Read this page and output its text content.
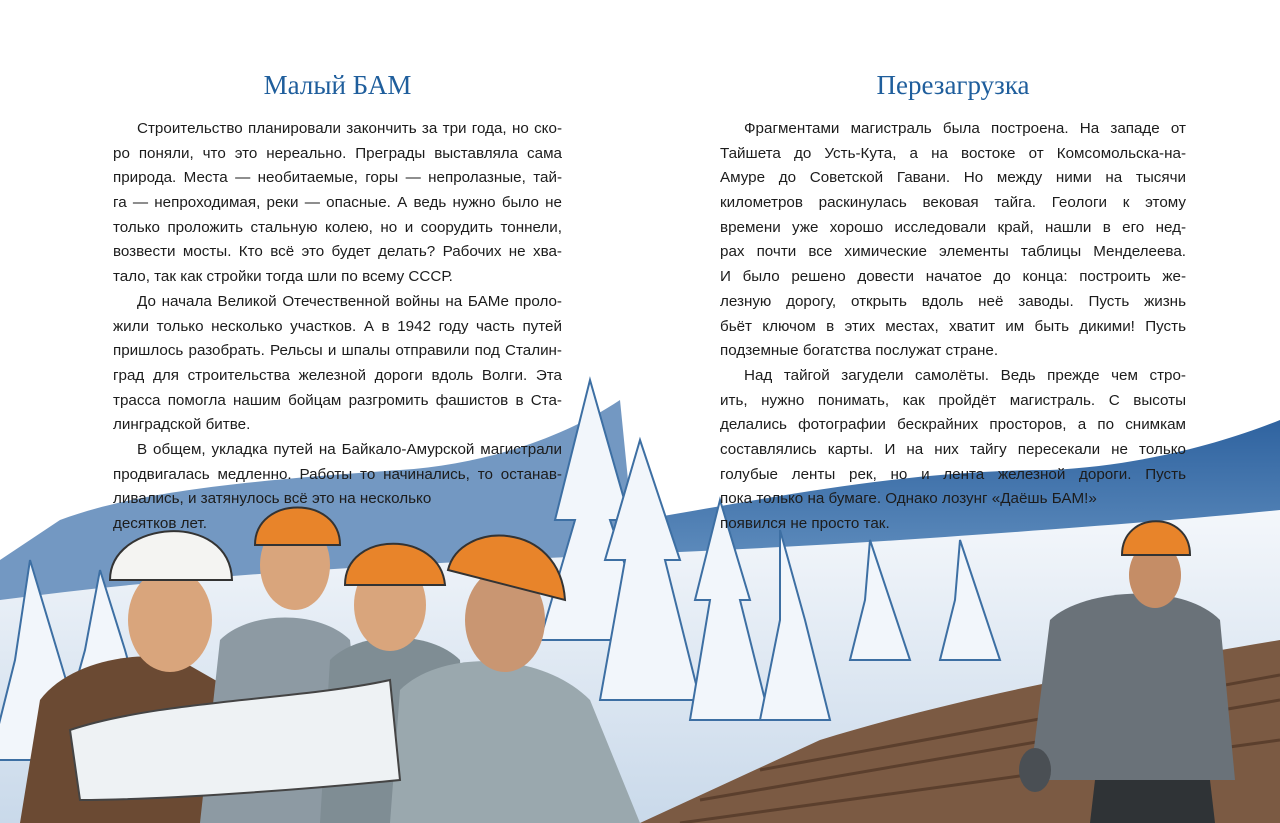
Малый БАМ
Строительство планировали закончить за три года, но ско-
ро поняли, что это нереально. Преграды выставляла сама
природа. Места — необитаемые, горы — непролазные, тай-
га — непроходимая, реки — опасные. А ведь нужно было не
только проложить стальную колею, но и соорудить тоннели,
возвести мосты. Кто всё это будет делать? Рабочих не хва-
тало, так как стройки тогда шли по всему СССР.
До начала Великой Отечественной войны на БАМе проло-
жили только несколько участков. А в 1942 году часть путей
пришлось разобрать. Рельсы и шпалы отправили под Сталин-
град для строительства железной дороги вдоль Волги. Эта
трасса помогла нашим бойцам разгромить фашистов в Ста-
линградской битве.
В общем, укладка путей на Байкало-Амурской магистрали
продвигалась медленно. Работы то начинались, то останав-
ливались, и затянулось всё это на несколько
десятков лет.
Перезагрузка
Фрагментами магистраль была построена. На западе от
Тайшета до Усть-Кута, а на востоке от Комсомольска-на-
Амуре до Советской Гавани. Но между ними на тысячи
километров раскинулась вековая тайга. Геологи к этому
времени уже хорошо исследовали край, нашли в его нед-
рах почти все химические элементы таблицы Менделеева.
И было решено довести начатое до конца: построить же-
лезную дорогу, открыть вдоль неё заводы. Пусть жизнь
бьёт ключом в этих местах, хватит им быть дикими! Пусть
подземные богатства послужат стране.
Над тайгой загудели самолёты. Ведь прежде чем стро-
ить, нужно понимать, как пройдёт магистраль. С высоты
делались фотографии бескрайних просторов, а по снимкам
составлялись карты. И на них тайгу пересекали не только
голубые ленты рек, но и лента железной дороги. Пусть
пока только на бумаге. Однако лозунг «Даёшь БАМ!»
появился не просто так.
